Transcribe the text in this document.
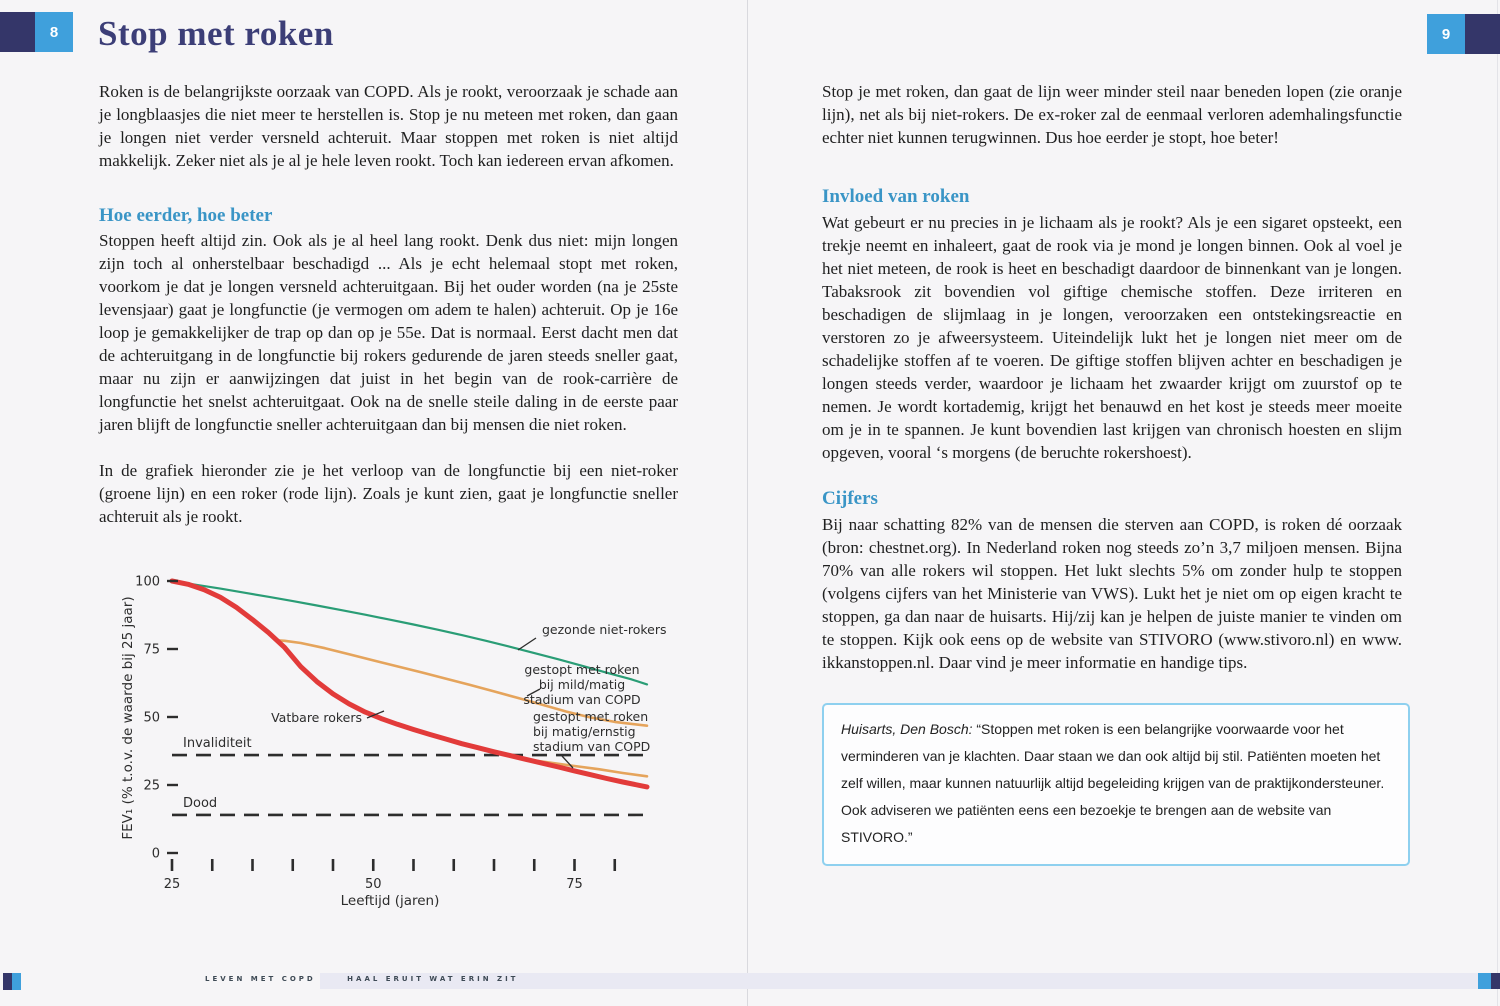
8	Stop met roken

Roken is de belangrijkste oorzaak van COPD. Als je rookt, veroorzaak je schade aan je longblaasjes die niet meer te herstellen is. Stop je nu meteen met roken, dan gaan je longen niet verder versneld achteruit. Maar stoppen met roken is niet altijd makkelijk. Zeker niet als je al je hele leven rookt. Toch kan iedereen ervan afkomen.

Hoe eerder, hoe beter

Stoppen heeft altijd zin. Ook als je al heel lang rookt. Denk dus niet: mijn longen zijn toch al onherstelbaar beschadigd ... Als je echt helemaal stopt met roken, voorkom je dat je longen versneld achteruitgaan. Bij het ouder worden (na je 25ste levensjaar) gaat je longfunctie (je vermogen om adem te halen) achteruit. Op je 16e loop je gemakkelijker de trap op dan op je 55e. Dat is normaal. Eerst dacht men dat de achteruitgang in de longfunctie bij rokers gedurende de jaren steeds sneller gaat, maar nu zijn er aanwijzingen dat juist in het begin van de rook-carrière de longfunctie het snelst achteruitgaat. Ook na de snelle steile daling in de eerste paar jaren blijft de longfunctie sneller achteruitgaan dan bij mensen die niet roken.

In de grafiek hieronder zie je het verloop van de longfunctie bij een niet-roker (groene lijn) en een roker (rode lijn). Zoals je kunt zien, gaat je longfunctie sneller achteruit als je rookt.

Invaliditeit
Dood
100
75
50
25
0
25	50	75
Leeftijd (jaren)
FEV₁ (% t.o.v. de waarde bij 25 jaar)	gezonde niet-rokers
gestopt met roken
bij mild/matig
stadium van COPD
Vatbare rokers	gestopt met roken
bij matig/ernstig
stadium van COPD
9

Stop je met roken, dan gaat de lijn weer minder steil naar beneden lopen (zie oranje lijn), net als bij niet-rokers. De ex-roker zal de eenmaal verloren ademhalingsfunctie echter niet kunnen terugwinnen. Dus hoe eerder je stopt, hoe beter!

Invloed van roken

Wat gebeurt er nu precies in je lichaam als je rookt? Als je een sigaret opsteekt, een trekje neemt en inhaleert, gaat de rook via je mond je longen binnen. Ook al voel je het niet meteen, de rook is heet en beschadigt daardoor de binnenkant van je longen. Tabaksrook zit bovendien vol giftige chemische stoffen. Deze irriteren en beschadigen de slijmlaag in je longen, veroorzaken een ontstekingsreactie en verstoren zo je afweersysteem. Uiteindelijk lukt het je longen niet meer om de schadelijke stoffen af te voeren. De giftige stoffen blijven achter en beschadigen je longen steeds verder, waardoor je lichaam het zwaarder krijgt om zuurstof op te nemen. Je wordt kortademig, krijgt het benauwd en het kost je steeds meer moeite om je in te spannen. Je kunt bovendien last krijgen van chronisch hoesten en slijm opgeven, vooral ‘s morgens (de beruchte rokershoest).

Cijfers

Bij naar schatting 82% van de mensen die sterven aan COPD, is roken dé oorzaak (bron: chestnet.org). In Nederland roken nog steeds zo’n 3,7 miljoen mensen. Bijna 70% van alle rokers wil stoppen. Het lukt slechts 5% om zonder hulp te stoppen (volgens cijfers van het Ministerie van VWS). Lukt het je niet om op eigen kracht te stoppen, ga dan naar de huisarts. Hij/zij kan je helpen de juiste manier te vinden om te stoppen. Kijk ook eens op de website van STIVORO (www.stivoro.nl) en www. ikkanstoppen.nl. Daar vind je meer informatie en handige tips.

Huisarts, Den Bosch: “Stoppen met roken is een belangrijke voorwaarde voor het verminderen van je klachten. Daar staan we dan ook altijd bij stil. Patiënten moeten het zelf willen, maar kunnen natuurlijk altijd begeleiding krijgen van de praktijkondersteuner. Ook adviseren we patiënten eens een bezoekje te brengen aan de website van STIVORO.”
LEVEN MET COPD	HAAL ERUIT WAT ERIN ZIT
